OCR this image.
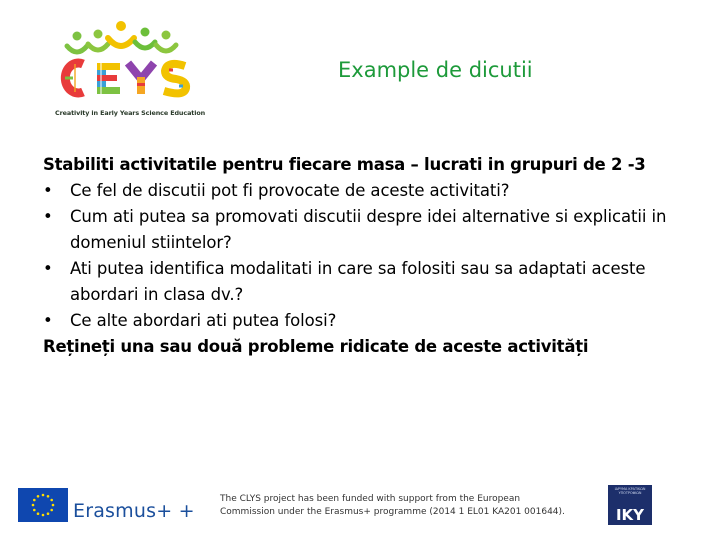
Creativity in Early Years Science Education
Example de dicutii

Stabiliti activitatile pentru fiecare masa – lucrati in grupuri de 2 -3

• Ce fel de discutii pot fi provocate de aceste activitati?
• Cum ati putea sa promovati discutii despre idei alternative si explicatii in domeniul stiintelor?
• Ati putea identifica modalitati in care sa folositi sau sa adaptati aceste abordari in clasa dv.?
• Ce alte abordari ati putea folosi?

Rețineți una sau două probleme ridicate de aceste activități

Erasmus+ +
The CLYS project has been funded with support from the European
Commission under the Erasmus+ programme (2014 1 EL01 KA201 001644).
ΙΔΡΥΜΑ ΚΡΑΤΙΚΩΝ ΥΠΟΤΡΟΦΙΩΝ
IKY
